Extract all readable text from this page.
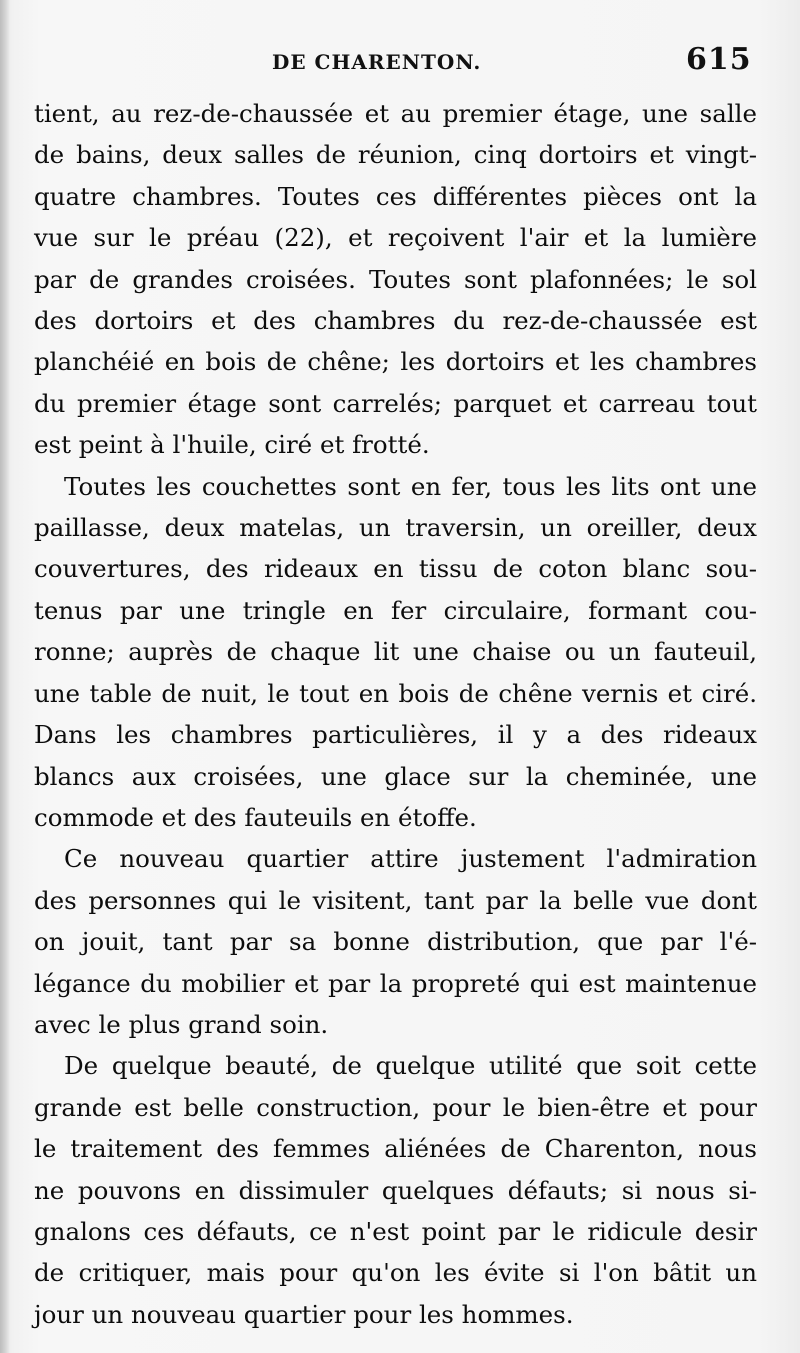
DE CHARENTON.	615
tient, au rez-de-chaussée et au premier étage, une salle
de bains, deux salles de réunion, cinq dortoirs et vingt-
quatre chambres. Toutes ces différentes pièces ont la
vue sur le préau (22), et reçoivent l'air et la lumière
par de grandes croisées. Toutes sont plafonnées; le sol
des dortoirs et des chambres du rez-de-chaussée est
planchéié en bois de chêne; les dortoirs et les chambres
du premier étage sont carrelés; parquet et carreau tout
est peint à l'huile, ciré et frotté.
Toutes les couchettes sont en fer, tous les lits ont une
paillasse, deux matelas, un traversin, un oreiller, deux
couvertures, des rideaux en tissu de coton blanc sou-
tenus par une tringle en fer circulaire, formant cou-
ronne; auprès de chaque lit une chaise ou un fauteuil,
une table de nuit, le tout en bois de chêne vernis et ciré.
Dans les chambres particulières, il y a des rideaux
blancs aux croisées, une glace sur la cheminée, une
commode et des fauteuils en étoffe.
Ce nouveau quartier attire justement l'admiration
des personnes qui le visitent, tant par la belle vue dont
on jouit, tant par sa bonne distribution, que par l'é-
légance du mobilier et par la propreté qui est maintenue
avec le plus grand soin.
De quelque beauté, de quelque utilité que soit cette
grande est belle construction, pour le bien-être et pour
le traitement des femmes aliénées de Charenton, nous
ne pouvons en dissimuler quelques défauts; si nous si-
gnalons ces défauts, ce n'est point par le ridicule desir
de critiquer, mais pour qu'on les évite si l'on bâtit un
jour un nouveau quartier pour les hommes.
